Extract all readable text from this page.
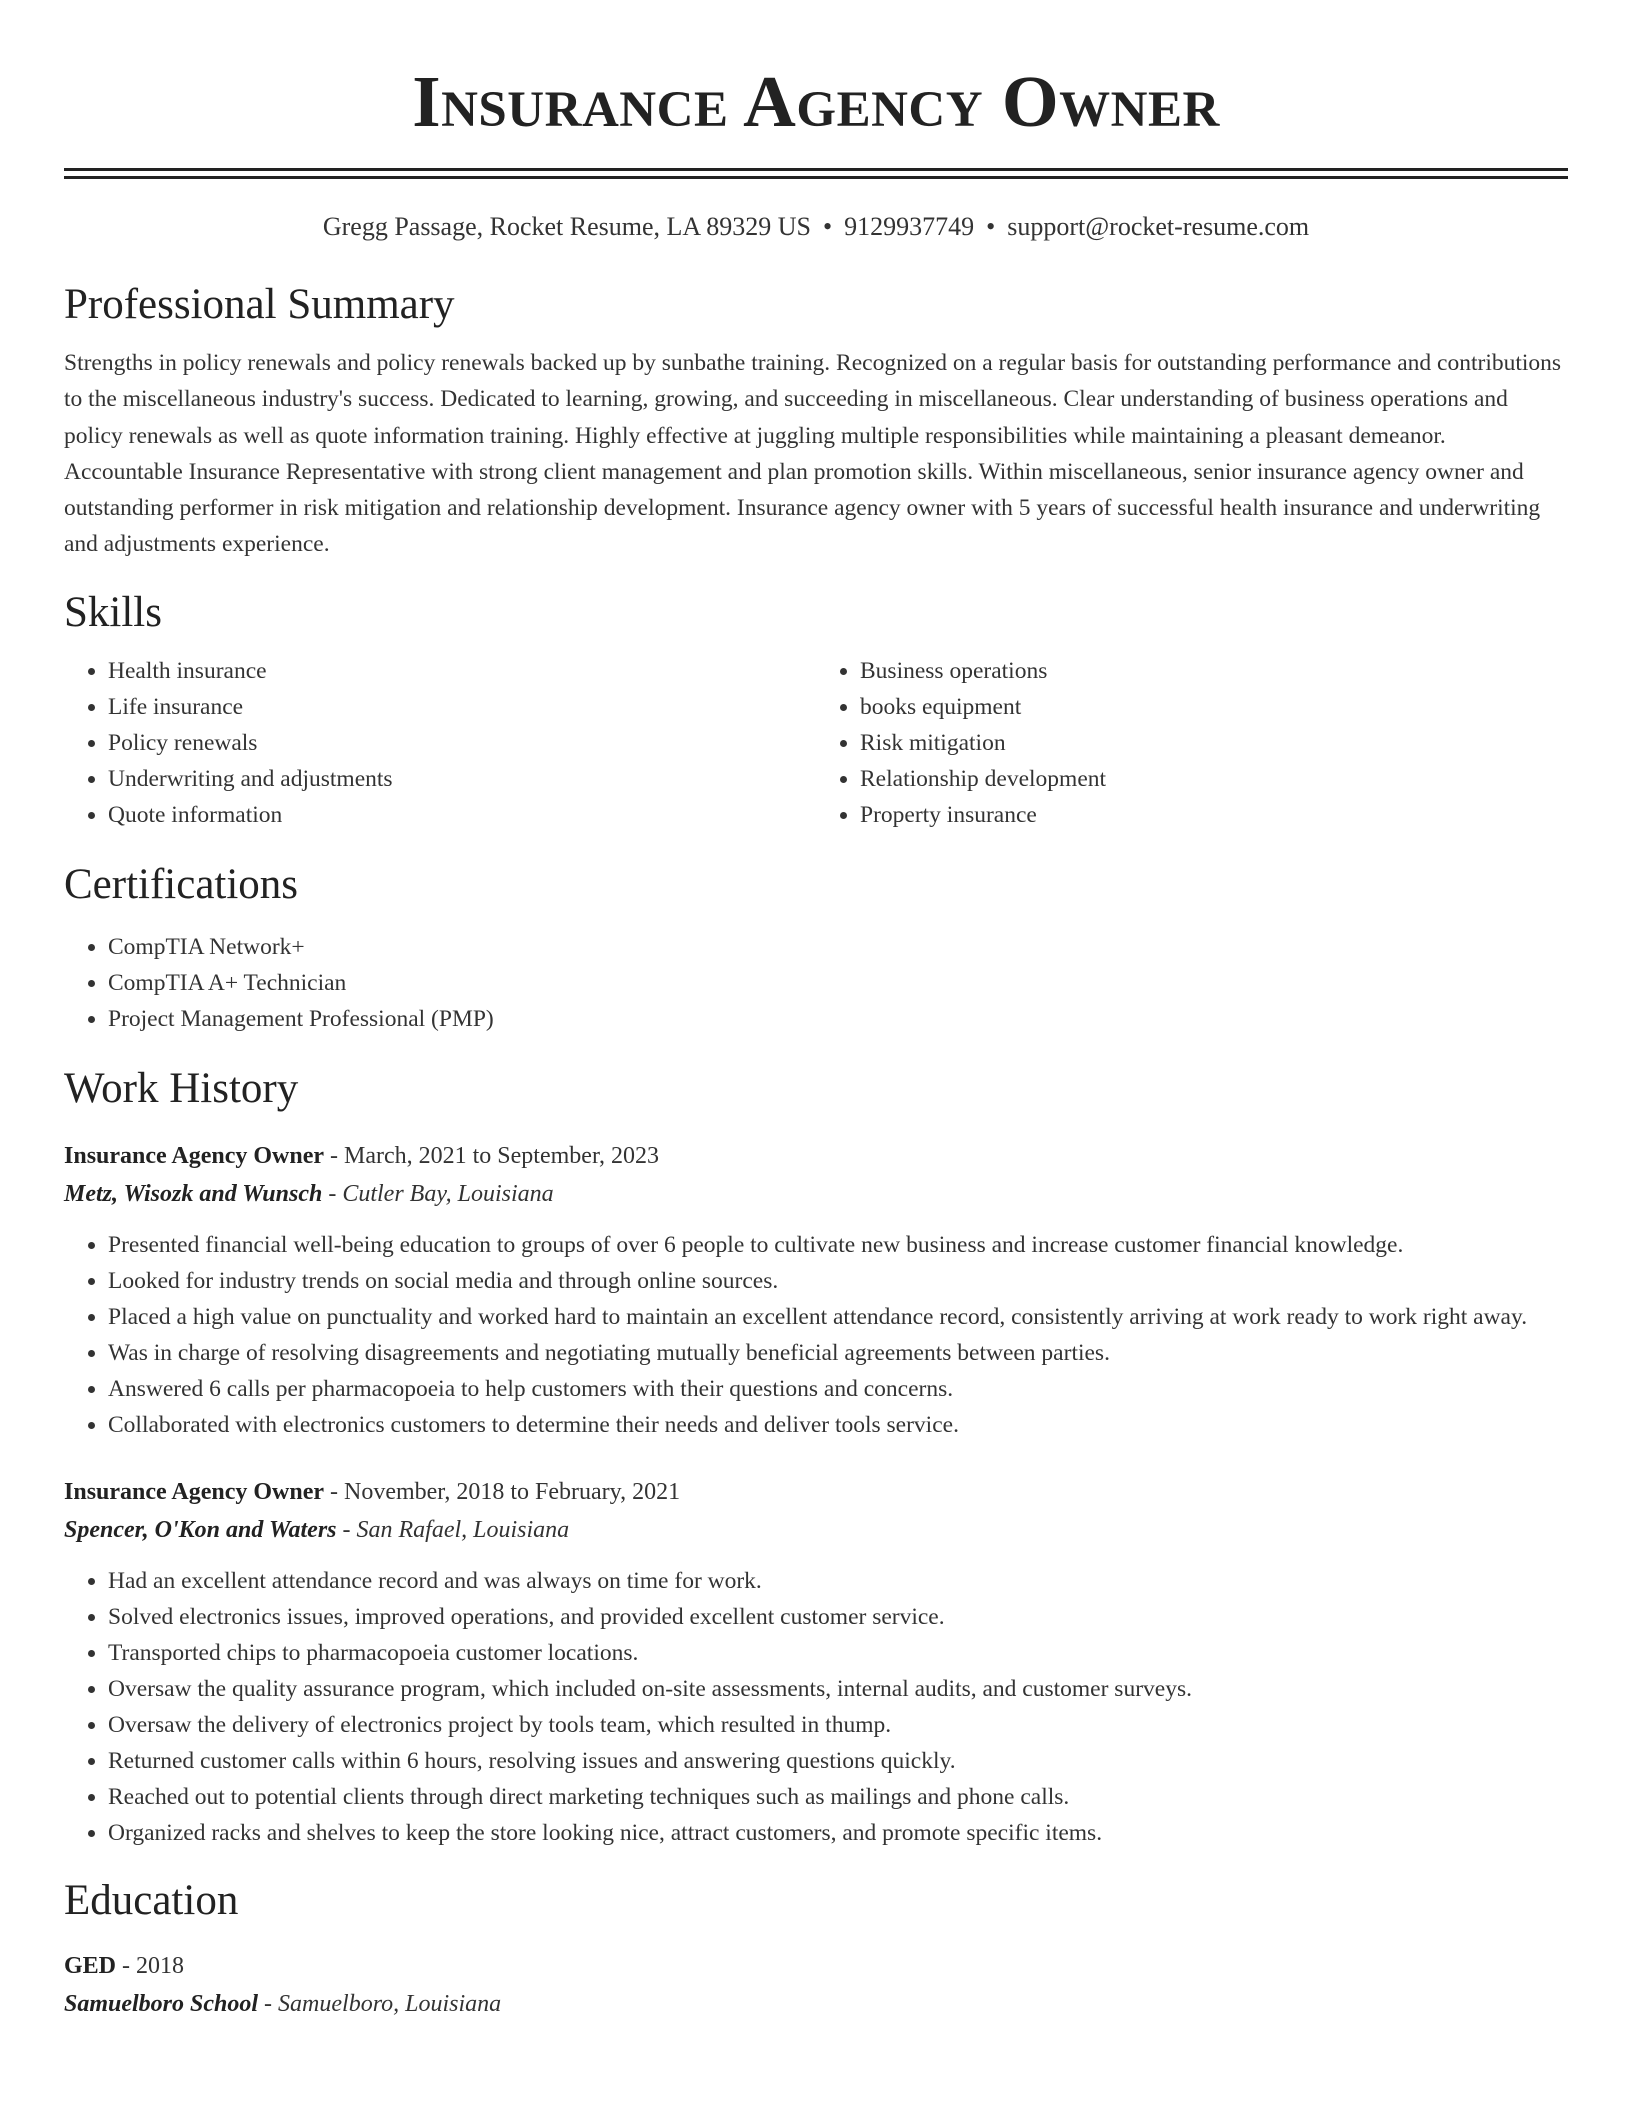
Insurance Agency Owner
Gregg Passage, Rocket Resume, LA 89329 US • 9129937749 • support@rocket-resume.com
Professional Summary

Strengths in policy renewals and policy renewals backed up by sunbathe training. Recognized on a regular basis for outstanding performance and contributions to the miscellaneous industry's success. Dedicated to learning, growing, and succeeding in miscellaneous. Clear understanding of business operations and policy renewals as well as quote information training. Highly effective at juggling multiple responsibilities while maintaining a pleasant demeanor. Accountable Insurance Representative with strong client management and plan promotion skills. Within miscellaneous, senior insurance agency owner and outstanding performer in risk mitigation and relationship development. Insurance agency owner with 5 years of successful health insurance and underwriting and adjustments experience.

Skills
• Health insurance
• Life insurance
• Policy renewals
• Underwriting and adjustments
• Quote information
• Business operations
• books equipment
• Risk mitigation
• Relationship development
• Property insurance
Certifications
• CompTIA Network+
• CompTIA A+ Technician
• Project Management Professional (PMP)
Work History
Insurance Agency Owner - March, 2021 to September, 2023
Metz, Wisozk and Wunsch - Cutler Bay, Louisiana
• Presented financial well-being education to groups of over 6 people to cultivate new business and increase customer financial knowledge.
• Looked for industry trends on social media and through online sources.
• Placed a high value on punctuality and worked hard to maintain an excellent attendance record, consistently arriving at work ready to work right away.
• Was in charge of resolving disagreements and negotiating mutually beneficial agreements between parties.
• Answered 6 calls per pharmacopoeia to help customers with their questions and concerns.
• Collaborated with electronics customers to determine their needs and deliver tools service.
Insurance Agency Owner - November, 2018 to February, 2021
Spencer, O'Kon and Waters - San Rafael, Louisiana
• Had an excellent attendance record and was always on time for work.
• Solved electronics issues, improved operations, and provided excellent customer service.
• Transported chips to pharmacopoeia customer locations.
• Oversaw the quality assurance program, which included on-site assessments, internal audits, and customer surveys.
• Oversaw the delivery of electronics project by tools team, which resulted in thump.
• Returned customer calls within 6 hours, resolving issues and answering questions quickly.
• Reached out to potential clients through direct marketing techniques such as mailings and phone calls.
• Organized racks and shelves to keep the store looking nice, attract customers, and promote specific items.
Education
GED - 2018
Samuelboro School - Samuelboro, Louisiana
